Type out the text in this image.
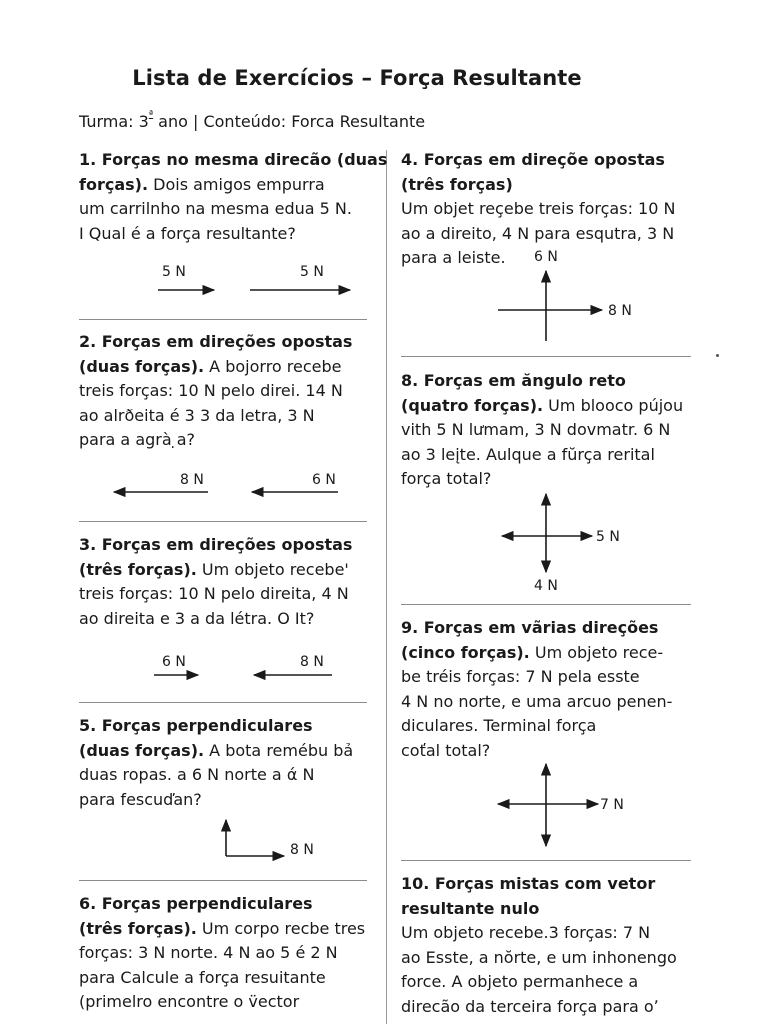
Lista de Exercícios – Força Resultante
Turma: $3^ª$ ano | Conteúdo: Forca Resultante
1. Forças no mesma direcão (duas
forças). Dois amigos empurra
um carrilnho na mesma edua 5 N.
I Qual é a força resultante?
5 N	5 N
2. Forças em direções opostas
(duas forças). A bojorro recebe
treis forças: 10 N pelo direi. 14 N
ao alrðeita é 3 3 da letra, 3 N
para a agrà ̣a?
8 N	6 N
3. Forças em direções opostas
(três forças). Um objeto recebe'
treis forças: 10 N pelo direita, 4 N
ao direita e 3 a da létra. O It?
6 N	8 N
5. Forças perpendiculares
(duas forças). A bota remébu bả
duas ropas. a 6 N norte a ά N
para fescuďan?
8 N
6. Forças perpendiculares
(três forças). Um corpo recbe tres
forças: 3 N norte. 4 N ao 5 é 2 N
para Calcule a força resuitante
(primelro encontre o v̈ector
4. Forças em direçõe opostas
(três forças)
Um objet reçebe treis forças: 10 N
ao a direito, 4 N para esqutra, 3 N
para a leiste.	6 N
8 N
8. Forças em ăngulo reto
(quatro forças). Um blooco pújou
vith 5 N lưmam, 3 N dovmatr. 6 N
ao 3 leįte. Aulque a fŭrça rerital
força total?
5 N
4 N
9. Forças em vãrias direções
(cinco forças). Um objeto rece-
be tréis forças: 7 N pela esste
4 N no norte, e uma arcuo penen-
diculares. Terminal força
coťal total?
7 N
10. Forças mistas com vetor
resultante nulo
Um objeto recebe.3 forças: 7 N
ao Esste, a nŏrte, e um inhonengo
force. A objeto permanhece a
direcão da terceira força para oʼ
